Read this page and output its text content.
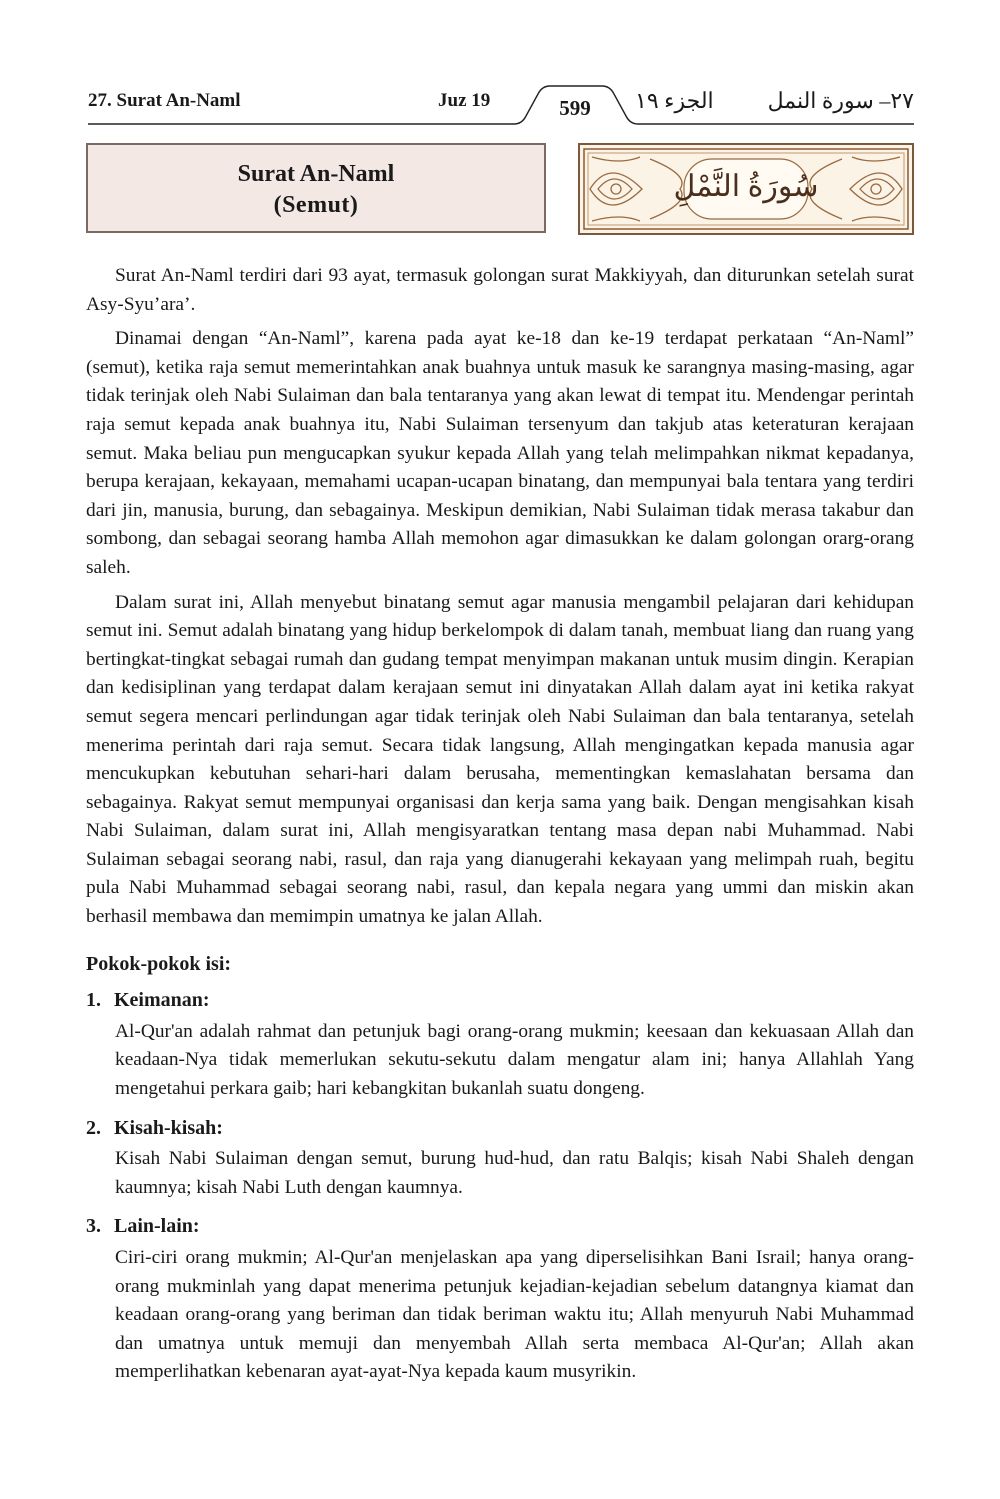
27. Surat An-Naml	Juz 19	599	الجزء ١٩ ٢٧– سورة النمل
Surat An-Naml
(Semut)
سُورَةُ النَّمْلِ

Surat An-Naml terdiri dari 93 ayat, termasuk golongan surat Makkiyyah, dan diturunkan setelah surat Asy-Syu’ara’.

Dinamai dengan “An-Naml”, karena pada ayat ke-18 dan ke-19 terdapat perkataan “An-Naml” (semut), ketika raja semut memerintahkan anak buahnya untuk masuk ke sarangnya masing-masing, agar tidak terinjak oleh Nabi Sulaiman dan bala tentaranya yang akan lewat di tempat itu. Mendengar perintah raja semut kepada anak buahnya itu, Nabi Sulaiman tersenyum dan takjub atas keteraturan kerajaan semut. Maka beliau pun mengucapkan syukur kepada Allah yang telah melimpahkan nikmat kepadanya, berupa kerajaan, kekayaan, memahami ucapan-ucapan binatang, dan mempunyai bala tentara yang terdiri dari jin, manusia, burung, dan sebagainya. Meskipun demikian, Nabi Sulaiman tidak merasa takabur dan sombong, dan sebagai seorang hamba Allah memohon agar dimasukkan ke dalam golongan orarg-orang saleh.

Dalam surat ini, Allah menyebut binatang semut agar manusia mengambil pelajaran dari kehidupan semut ini. Semut adalah binatang yang hidup berkelompok di dalam tanah, membuat liang dan ruang yang bertingkat-tingkat sebagai rumah dan gudang tempat menyimpan makanan untuk musim dingin. Kerapian dan kedisiplinan yang terdapat dalam kerajaan semut ini dinyatakan Allah dalam ayat ini ketika rakyat semut segera mencari perlindungan agar tidak terinjak oleh Nabi Sulaiman dan bala tentaranya, setelah menerima perintah dari raja semut. Secara tidak langsung, Allah mengingatkan kepada manusia agar mencukupkan kebutuhan sehari-hari dalam berusaha, mementingkan kemaslahatan bersama dan sebagainya. Rakyat semut mempunyai organisasi dan kerja sama yang baik. Dengan mengisahkan kisah Nabi Sulaiman, dalam surat ini, Allah mengisyaratkan tentang masa depan nabi Muhammad. Nabi Sulaiman sebagai seorang nabi, rasul, dan raja yang dianugerahi kekayaan yang melimpah ruah, begitu pula Nabi Muhammad sebagai seorang nabi, rasul, dan kepala negara yang ummi dan miskin akan berhasil membawa dan memimpin umatnya ke jalan Allah.

Pokok-pokok isi:
1. Keimanan:
Al-Qur'an adalah rahmat dan petunjuk bagi orang-orang mukmin; keesaan dan kekuasaan Allah dan keadaan-Nya tidak memerlukan sekutu-sekutu dalam mengatur alam ini; hanya Allahlah Yang mengetahui perkara gaib; hari kebangkitan bukanlah suatu dongeng.
2. Kisah-kisah:
Kisah Nabi Sulaiman dengan semut, burung hud-hud, dan ratu Balqis; kisah Nabi Shaleh dengan kaumnya; kisah Nabi Luth dengan kaumnya.
3. Lain-lain:
Ciri-ciri orang mukmin; Al-Qur'an menjelaskan apa yang diperselisihkan Bani Israil; hanya orang-orang mukminlah yang dapat menerima petunjuk kejadian-kejadian sebelum datangnya kiamat dan keadaan orang-orang yang beriman dan tidak beriman waktu itu; Allah menyuruh Nabi Muhammad dan umatnya untuk memuji dan menyembah Allah serta membaca Al-Qur'an; Allah akan memperlihatkan kebenaran ayat-ayat-Nya kepada kaum musyrikin.
